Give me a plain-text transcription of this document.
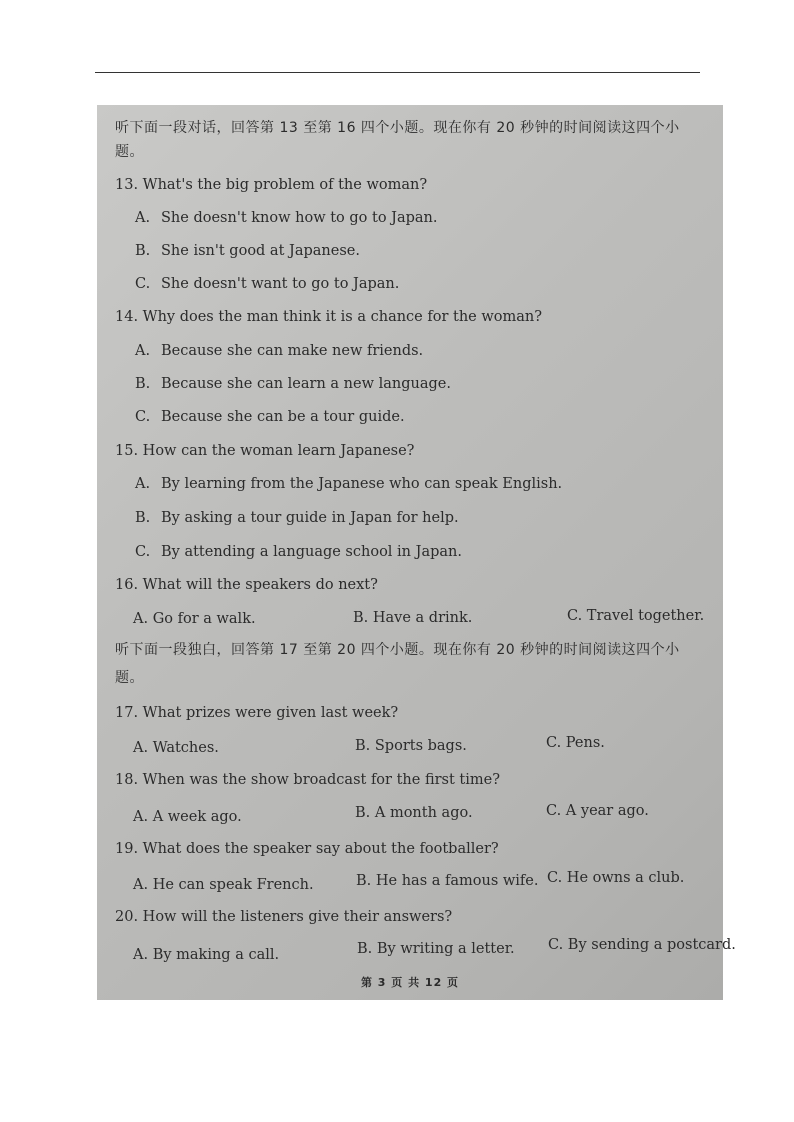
听下面一段对话，回答第 13 至第 16 四个小题。现在你有 20 秒钟的时间阅读这四个小
题。
13. What's the big problem of the woman?
A. She doesn't know how to go to Japan.
B. She isn't good at Japanese.
C. She doesn't want to go to Japan.
14. Why does the man think it is a chance for the woman?
A. Because she can make new friends.
B. Because she can learn a new language.
C. Because she can be a tour guide.
15. How can the woman learn Japanese?
A. By learning from the Japanese who can speak English.
B. By asking a tour guide in Japan for help.
C. By attending a language school in Japan.
16. What will the speakers do next?
A. Go for a walk.	B. Have a drink.	C. Travel together.
听下面一段独白，回答第 17 至第 20 四个小题。现在你有 20 秒钟的时间阅读这四个小
题。
17. What prizes were given last week?
A. Watches.	B. Sports bags.	C. Pens.
18. When was the show broadcast for the first time?
A. A week ago.	B. A month ago.	C. A year ago.
19. What does the speaker say about the footballer?
A. He can speak French.	B. He has a famous wife. C. He owns a club.
20. How will the listeners give their answers?
A. By making a call.	B. By writing a letter. C. By sending a postcard.
第 3 页 共 12 页
